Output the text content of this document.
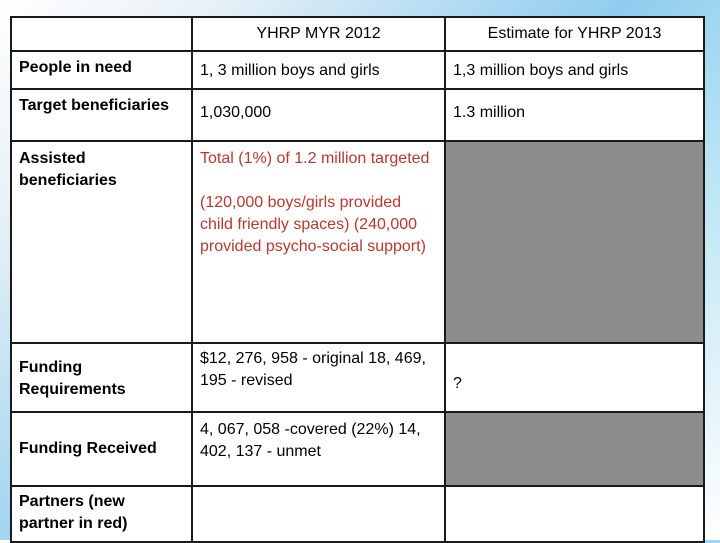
	YHRP MYR 2012	Estimate for YHRP 2013
People in need	1, 3 million boys and girls	1,3 million boys and girls
Target beneficiaries	1,030,000	1.3 million
Assisted beneficiaries	Total (1%) of 1.2 million targeted
(120,000 boys/girls provided child friendly spaces) (240,000 provided psycho-social support)	
Funding Requirements	$12, 276, 958 - original 18, 469, 195 - revised	?
Funding Received	4, 067, 058 -covered (22%) 14, 402, 137 - unmet	
Partners (new partner in red)		
